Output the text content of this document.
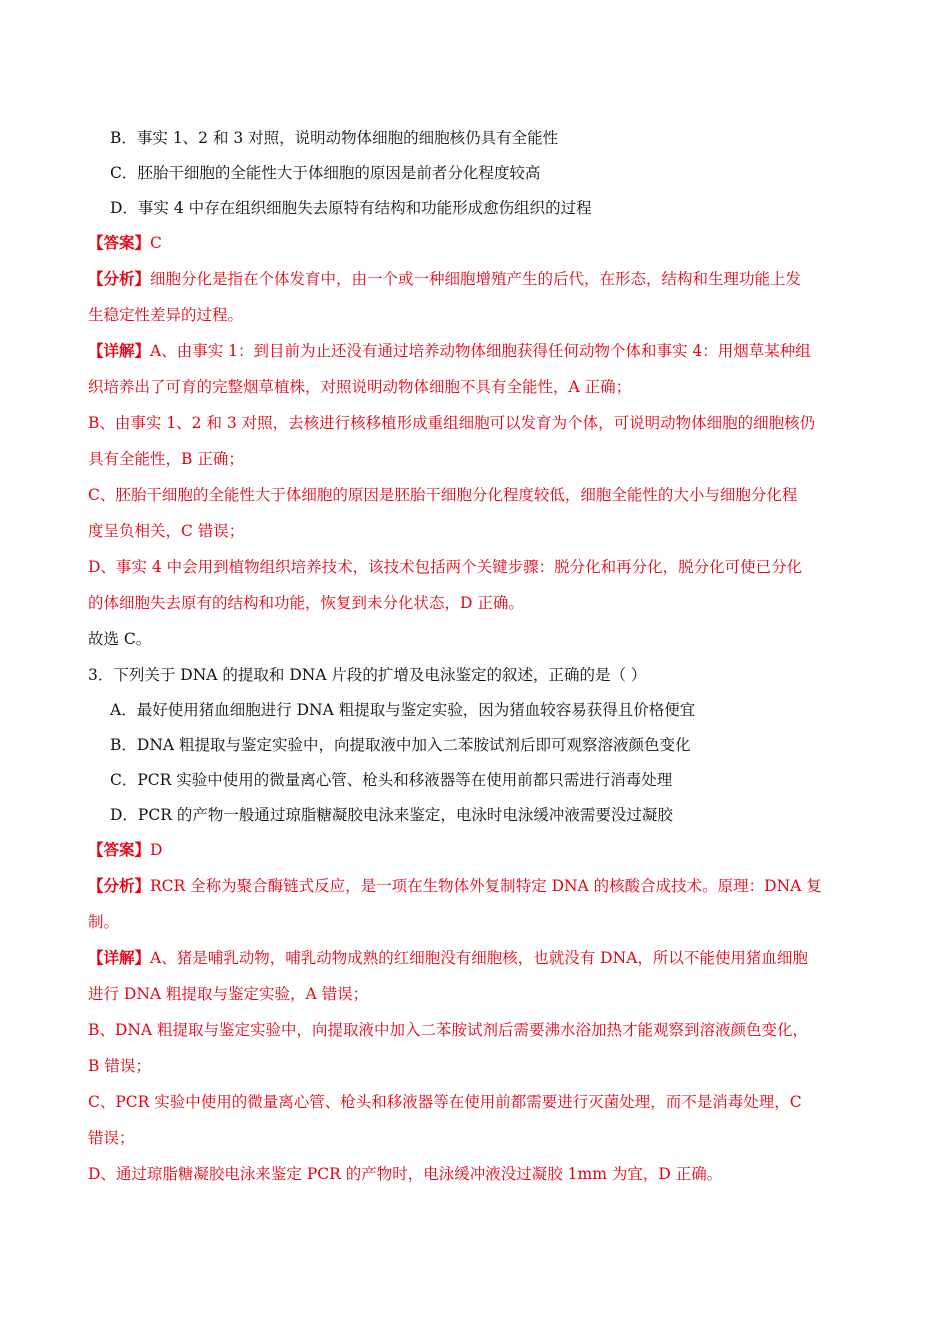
B．事实 1、2 和 3 对照，说明动物体细胞的细胞核仍具有全能性
C．胚胎干细胞的全能性大于体细胞的原因是前者分化程度较高
D．事实 4 中存在组织细胞失去原特有结构和功能形成愈伤组织的过程
【答案】C
【分析】细胞分化是指在个体发育中，由一个或一种细胞增殖产生的后代，在形态，结构和生理功能上发
生稳定性差异的过程。
【详解】A、由事实 1：到目前为止还没有通过培养动物体细胞获得任何动物个体和事实 4：用烟草某种组
织培养出了可育的完整烟草植株，对照说明动物体细胞不具有全能性，A 正确；
B、由事实 1、2 和 3 对照，去核进行核移植形成重组细胞可以发育为个体，可说明动物体细胞的细胞核仍
具有全能性，B 正确；
C、胚胎干细胞的全能性大于体细胞的原因是胚胎干细胞分化程度较低，细胞全能性的大小与细胞分化程
度呈负相关，C 错误；
D、事实 4 中会用到植物组织培养技术，该技术包括两个关键步骤：脱分化和再分化，脱分化可使已分化
的体细胞失去原有的结构和功能，恢复到未分化状态，D 正确。
故选 C。
3．下列关于 DNA 的提取和 DNA 片段的扩增及电泳鉴定的叙述，正确的是（ ）
A．最好使用猪血细胞进行 DNA 粗提取与鉴定实验，因为猪血较容易获得且价格便宜
B．DNA 粗提取与鉴定实验中，向提取液中加入二苯胺试剂后即可观察溶液颜色变化
C．PCR 实验中使用的微量离心管、枪头和移液器等在使用前都只需进行消毒处理
D．PCR 的产物一般通过琼脂糖凝胶电泳来鉴定，电泳时电泳缓冲液需要没过凝胶
【答案】D
【分析】RCR 全称为聚合酶链式反应，是一项在生物体外复制特定 DNA 的核酸合成技术。原理：DNA 复
制。
【详解】A、猪是哺乳动物，哺乳动物成熟的红细胞没有细胞核，也就没有 DNA，所以不能使用猪血细胞
进行 DNA 粗提取与鉴定实验，A 错误；
B、DNA 粗提取与鉴定实验中，向提取液中加入二苯胺试剂后需要沸水浴加热才能观察到溶液颜色变化，
B 错误；
C、PCR 实验中使用的微量离心管、枪头和移液器等在使用前都需要进行灭菌处理，而不是消毒处理，C
错误；
D、通过琼脂糖凝胶电泳来鉴定 PCR 的产物时，电泳缓冲液没过凝胶 1mm 为宜，D 正确。
